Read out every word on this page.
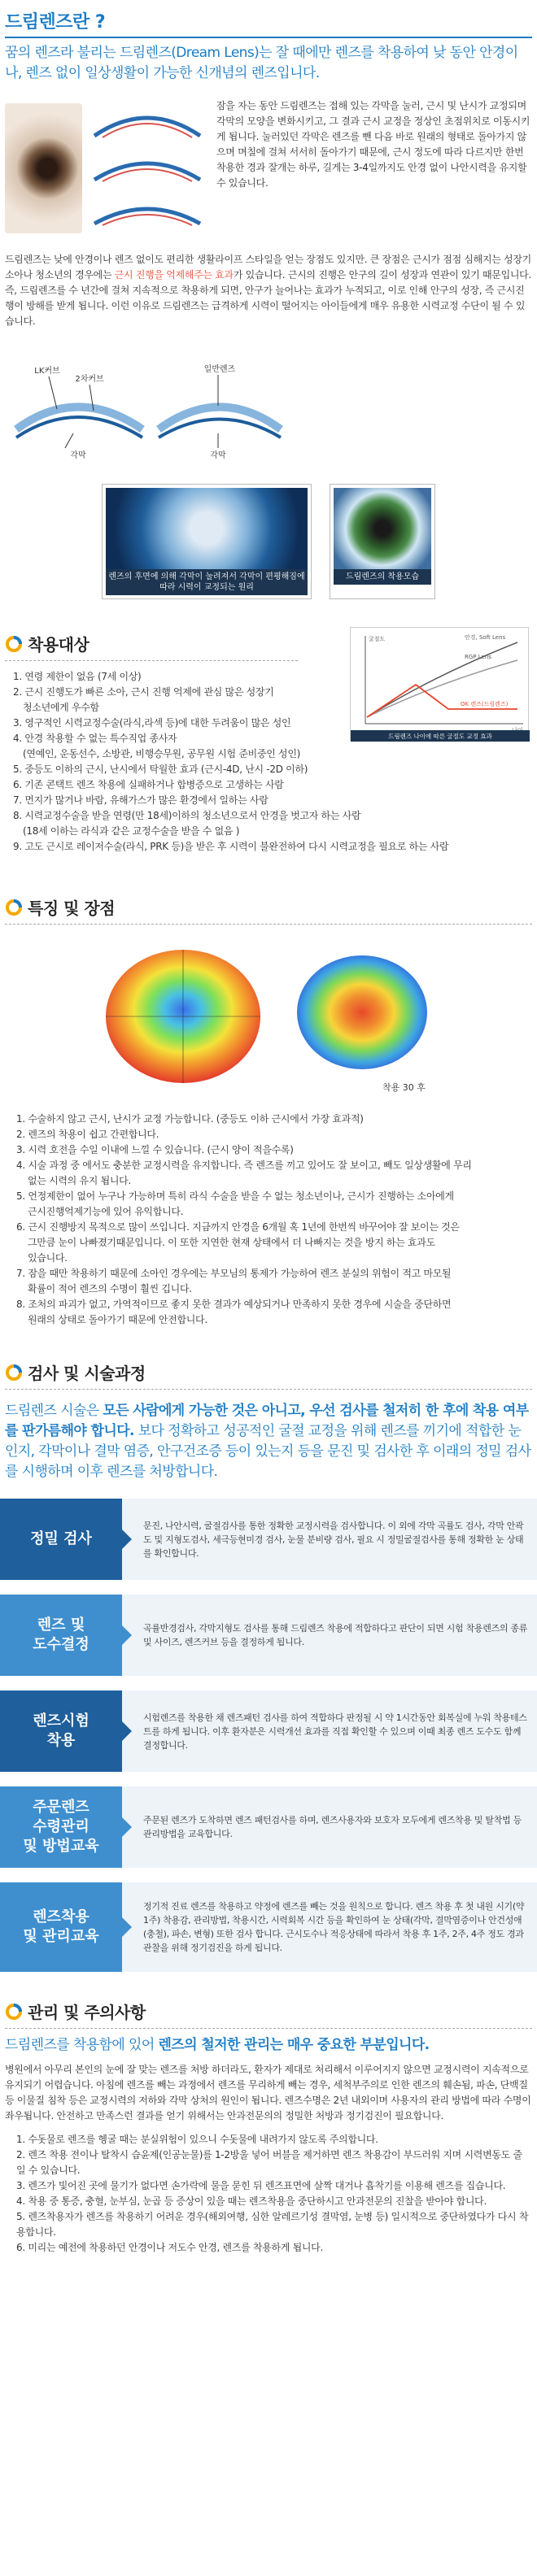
드림렌즈란 ?
꿈의 렌즈라 불리는 드림렌즈(Dream Lens)는 잘 때에만 렌즈를 착용하여 낮 동안 안경이나, 렌즈 없이 일상생활이 가능한 신개념의 렌즈입니다.
잠을 자는 동안 드림렌즈는 접해 있는 각막을 눌러, 근시 및 난시가 교정되며 각막의 모양을 변화시키고, 그 결과 근시 교정을 정상인 초점위치로 이동시키게 됩니다. 눌러있던 각막은 렌즈를 뺀 다음 바로 원래의 형태로 돌아가지 않으며 며칠에 걸쳐 서서히 돌아가기 때문에, 근시 정도에 따라 다르지만 한번 착용한 경과 잘개는 하루, 길게는 3-4일까지도 안경 없이 나안시력을 유지할 수 있습니다.
드림렌즈는 낮에 안경이나 렌즈 없이도 편리한 생활라이프 스타일을 얻는 장점도 있지만. 큰 장점은 근시가 점점 심해지는 성장기 소아나 청소년의 경우에는 근시 진행을 억제해주는 효과가 있습니다. 근시의 진행은 안구의 길이 성장과 연관이 있기 때문입니다. 즉, 드림렌즈를 수 년간에 걸쳐 지속적으로 착용하게 되면, 안구가 늘어나는 효과가 누적되고, 이로 인해 안구의 성장, 즉 근시진행이 방해를 받게 됩니다. 이런 이유로 드림렌즈는 급격하게 시력이 떨어지는 아이들에게 매우 유용한 시력교정 수단이 될 수 있습니다.
LK커브
2차커브
일반렌즈
각막	각막
렌즈의 후면에 의해 각막이 눌려져서 각막이 편평해짐에 따라 시력이 교정되는 원리
드림렌즈의 착용모습
착용대상	굴절도	안경, Soft Lens
RGP Lens
OK 렌즈(드림렌즈)
드림렌즈 나이에 따른 굴절도 교정 효과
1. 연령 제한이 없음 (7세 이상)
2. 근시 진행도가 빠른 소아, 근시 진행 억제에 관심 많은 성장기
청소년에게 우수함
3. 영구적인 시력교정수술(라식,라섹 등)에 대한 두려움이 많은 성인
4. 안경 착용할 수 없는 특수직업 종사자
(연예인, 운동선수, 소방관, 비행승무원, 공무원 시험 준비중인 성인)
5. 중등도 이하의 근시, 난시에서 탁월한 효과 (근시-4D, 난시 -2D 이하)
6. 기존 콘택트 렌즈 착용에 실패하거나 합병증으로 고생하는 사람
7. 먼지가 많거나 바람, 유해가스가 많은 환경에서 일하는 사람
8. 시력교정수술을 받을 연령(만 18세)이하의 청소년으로서 안경을 벗고자 하는 사람
(18세 이하는 라식과 같은 교정수술을 받을 수 없음 )
9. 고도 근시로 레이저수술(라식, PRK 등)을 받은 후 시력이 불완전하여 다시 시력교정을 필요로 하는 사람
특징 및 장점
착용 30 후
1. 수술하지 않고 근시, 난시가 교정 가능합니다. (중등도 이하 근시에서 가장 효과적)
2. 렌즈의 착용이 쉽고 간편합니다.
3. 시력 호전을 수일 이내에 느낄 수 있습니다. (근시 양이 적을수록)
4. 시술 과정 중 에서도 충분한 교정시력을 유지합니다. 즉 렌즈를 끼고 있어도 잘 보이고, 빼도 일상생활에 무리
없는 시력의 유지 됩니다.
5. 언정제한이 없어 누구나 가능하며 특히 라식 수술을 받을 수 없는 청소년이나, 근시가 진행하는 소아에게
근시진행억제기능에 있어 유익합니다.
6. 근시 진행방지 목적으로 많이 쓰입니다. 지금까지 안경을 6개월 혹 1년에 한번씩 바꾸어야 잘 보이는 것은
그만큼 눈이 나빠졌기때문입니다. 이 또한 지연한 현재 상태에서 더 나빠지는 것을 방지 하는 효과도
있습니다.
7. 잠을 때만 착용하기 때문에 소아인 경우에는 부모님의 통제가 가능하여 렌즈 분실의 위험이 적고 마모될
확률이 적어 렌즈의 수명이 훨씬 깁니다.
8. 조처의 파괴가 없고, 가역적이므로 좋지 못한 결과가 예상되거나 만족하지 못한 경우에 시술을 중단하면
원래의 상태로 돌아가기 때문에 안전합니다.
검사 및 시술과정
드림렌즈 시술은 모든 사람에게 가능한 것은 아니고, 우선 검사를 철저히 한 후에 착용 여부를 판가름해야 합니다. 보다 정확하고 성공적인 굴절 교정을 위해 렌즈를 끼기에 적합한 눈인지, 각막이나 결막 염증, 안구건조증 등이 있는지 등을 문진 및 검사한 후 이래의 정밀 검사를 시행하며 이후 렌즈를 처방합니다.
정밀 검사
문진, 나안시력, 굴절검사를 통한 정확한 교정시력을 검사합니다. 이 외에 각막 곡률도 검사, 각막 안곽도 및 지형도검사, 세극등현미경 검사, 눈물 분비량 검사, 필요 시 정밀굴절검사를 통해 정확한 눈 상태를 확인합니다.
렌즈 및
도수결정
곡률반경검사, 각막지형도 검사를 통해 드림렌즈 착용에 적합하다고 판단이 되면 시험 착용렌즈의 종류 및 사이즈, 렌즈커브 등을 결정하게 됩니다.
렌즈시험
착용
시험렌즈를 착용한 채 렌즈패턴 검사를 하여 적합하다 판정될 시 약 1시간동안 회복실에 누워 착용테스트를 하게 됩니다. 이후 환자분은 시력개선 효과를 직접 확인할 수 있으며 이때 최종 렌즈 도수도 함께 결정합니다.
주문렌즈
수령관리
및 방법교육
주문된 렌즈가 도착하면 렌즈 패턴검사를 하며, 렌즈사용자와 보호자 모두에게 렌즈착용 및 탈착법 등 관리방법을 교육합니다.
렌즈착용
및 관리교육
정기적 진료 렌즈를 착용하고 약정에 렌즈를 빼는 것을 원칙으로 합니다. 렌즈 착용 후 첫 내원 시기(약 1주) 착용감, 관리방법, 착용시간, 시력회복 시간 등을 확인하여 눈 상태(각막, 결막염증이나 안건성애(충철), 파손, 변형) 또한 검사 합니다. 근시도수나 적응상태에 따라서 착용 후 1주, 2주, 4주 정도 경과관찰을 위해 정기검진을 하게 됩니다.
관리 및 주의사항
드림렌즈를 착용함에 있어 렌즈의 철저한 관리는 매우 중요한 부분입니다.
병원에서 아무리 본인의 눈에 잘 맞는 렌즈를 처방 하더라도, 환자가 제대로 처리해서 이루어지지 않으면 교정시력이 지속적으로 유지되기 어렵습니다. 아침에 렌즈를 빼는 과정에서 렌즈를 무리하게 빼는 경우, 세척부주의로 인한 렌즈의 훼손됨, 파손, 단백질 등 이물질 침착 등은 교정시력의 저하와 각막 상처의 원인이 됩니다. 렌즈수명은 2년 내외이며 사용자의 관리 방법에 따라 수명이 좌우됩니다. 안전하고 만족스런 결과를 얻기 위해서는 안과전문의의 정밀한 처방과 정기검진이 필요합니다.
1. 수돗물로 렌즈를 헹굴 때는 분실위험이 있으니 수돗물에 내려가지 않도록 주의합니다.
2. 렌즈 착용 전이나 탈착시 습윤제(인공눈물)를 1-2방울 넣어 버블을 제거하면 렌즈 착용감이 부드러워 지며 시력변동도 줄일 수 있습니다.
3. 렌즈가 빛어진 곳에 물기가 없다면 손가락에 물을 묻힌 뒤 렌즈표면에 살짝 대거나 흡착기를 이용해 렌즈를 집습니다.
4. 착용 중 통증, 충혈, 눈부심, 눈곱 등 증상이 있을 때는 렌즈착용을 중단하시고 안과전문의 진찰을 받아야 합니다.
5. 렌즈착용자가 렌즈를 착용하기 어려운 경우(해외여행, 심한 알레르기성 결막염, 눈병 등) 일시적으로 중단하였다가 다시 착용합니다.
6. 미리는 예전에 착용하던 안경이나 저도수 안경, 렌즈를 착용하게 됩니다.
